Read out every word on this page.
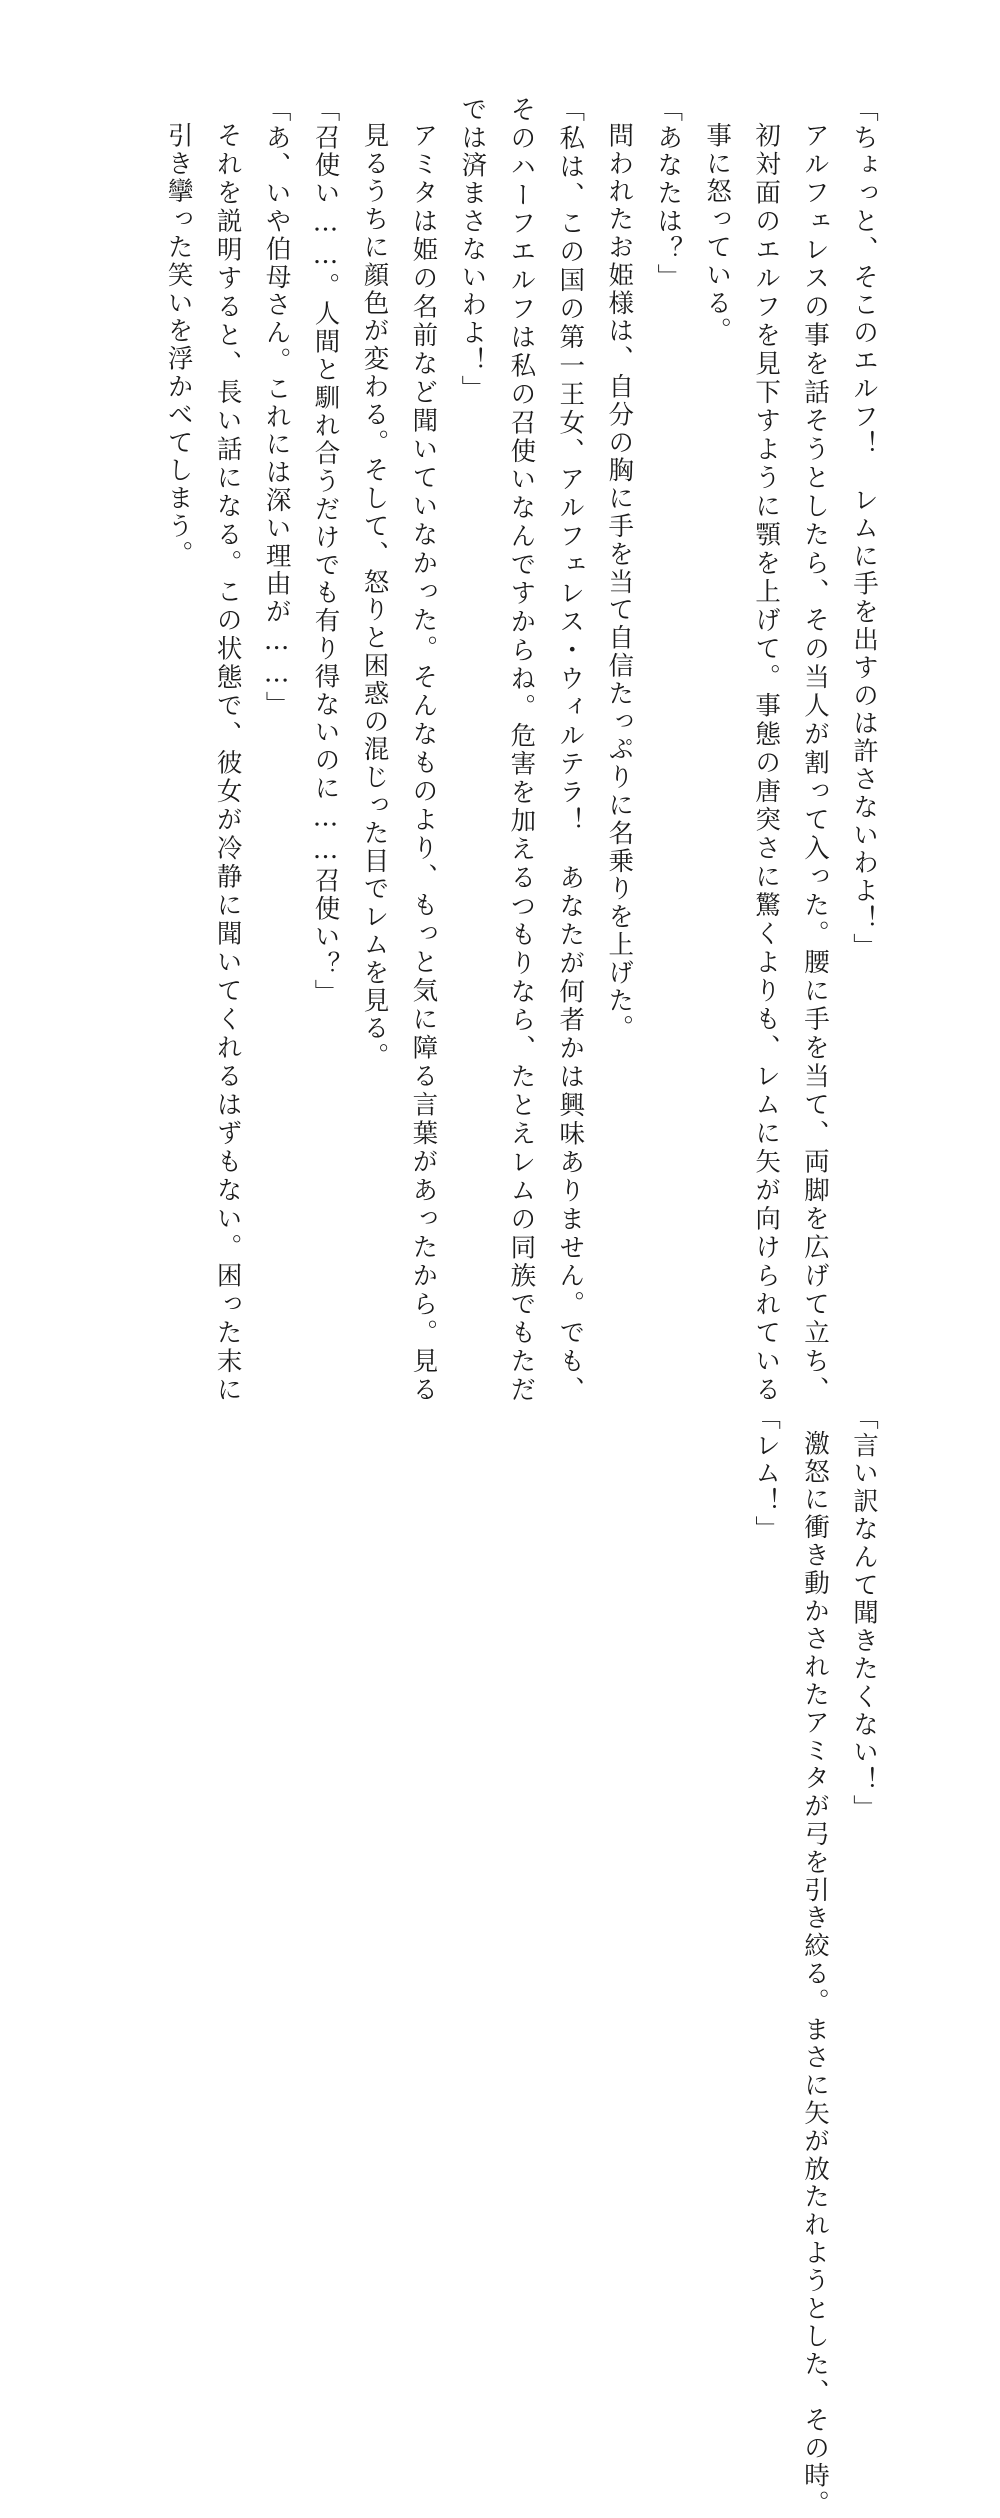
「ちょっと、そこのエルフ！　レムに手を出すのは許さないわよ！」

アルフェレスの事を話そうとしたら、その当人が割って入った。腰に手を当て、両脚を広げて立ち、初対面のエルフを見下すように顎を上げて。事態の唐突さに驚くよりも、レムに矢が向けられている事に怒っている。

「あなたは？」

問われたお姫様は、自分の胸に手を当て自信たっぷりに名乗りを上げた。

「私は、この国の第一王女、アルフェレス・ウィルテラ！　あなたが何者かは興味ありません。でも、そのハーフエルフは私の召使いなんですからね。危害を加えるつもりなら、たとえレムの同族でもただでは済まさないわよ！」

アミタは姫の名前など聞いていなかった。そんなものより、もっと気に障る言葉があったから。見る見るうちに顔色が変わる。そして、怒りと困惑の混じった目でレムを見る。

「召使い……。人間と馴れ合うだけでも有り得ないのに……召使い？」

「あ、いや伯母さん。これには深い理由が……」

それを説明すると、長い話になる。この状態で、彼女が冷静に聞いてくれるはずもない。困った末に引き攣った笑いを浮かべてしまう。

「言い訳なんて聞きたくない！」

激怒に衝き動かされたアミタが弓を引き絞る。まさに矢が放たれようとした、その時。

「レム！」
